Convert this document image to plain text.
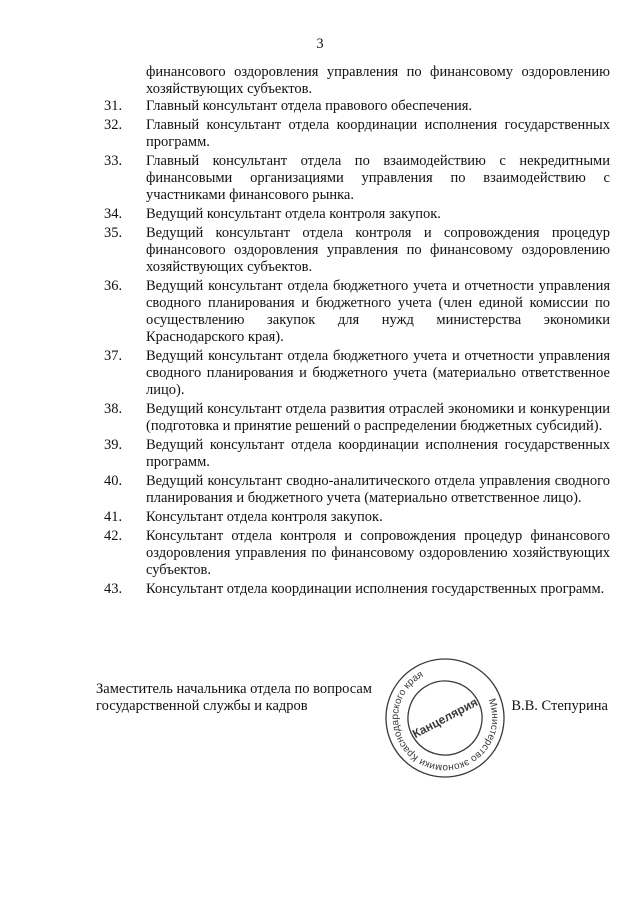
3
финансового оздоровления управления по финансовому оздоровлению хозяйствующих субъектов.
31. Главный консультант отдела правового обеспечения.
32. Главный консультант отдела координации исполнения государственных программ.
33. Главный консультант отдела по взаимодействию с некредитными финансовыми организациями управления по взаимодействию с участниками финансового рынка.
34. Ведущий консультант отдела контроля закупок.
35. Ведущий консультант отдела контроля и сопровождения процедур финансового оздоровления управления по финансовому оздоровлению хозяйствующих субъектов.
36. Ведущий консультант отдела бюджетного учета и отчетности управления сводного планирования и бюджетного учета (член единой комиссии по осуществлению закупок для нужд министерства экономики Краснодарского края).
37. Ведущий консультант отдела бюджетного учета и отчетности управления сводного планирования и бюджетного учета (материально ответственное лицо).
38. Ведущий консультант отдела развития отраслей экономики и конкуренции (подготовка и принятие решений о распределении бюджетных субсидий).
39. Ведущий консультант отдела координации исполнения государственных программ.
40. Ведущий консультант сводно-аналитического отдела управления сводного планирования и бюджетного учета (материально ответственное лицо).
41. Консультант отдела контроля закупок.
42. Консультант отдела контроля и сопровождения процедур финансового оздоровления управления по финансовому оздоровлению хозяйствующих субъектов.
43. Консультант отдела координации исполнения государственных программ.
Заместитель начальника отдела по вопросам
государственной службы и кадров	Министерство экономики Краснодарского края
Канцелярия В.В. Степурина
